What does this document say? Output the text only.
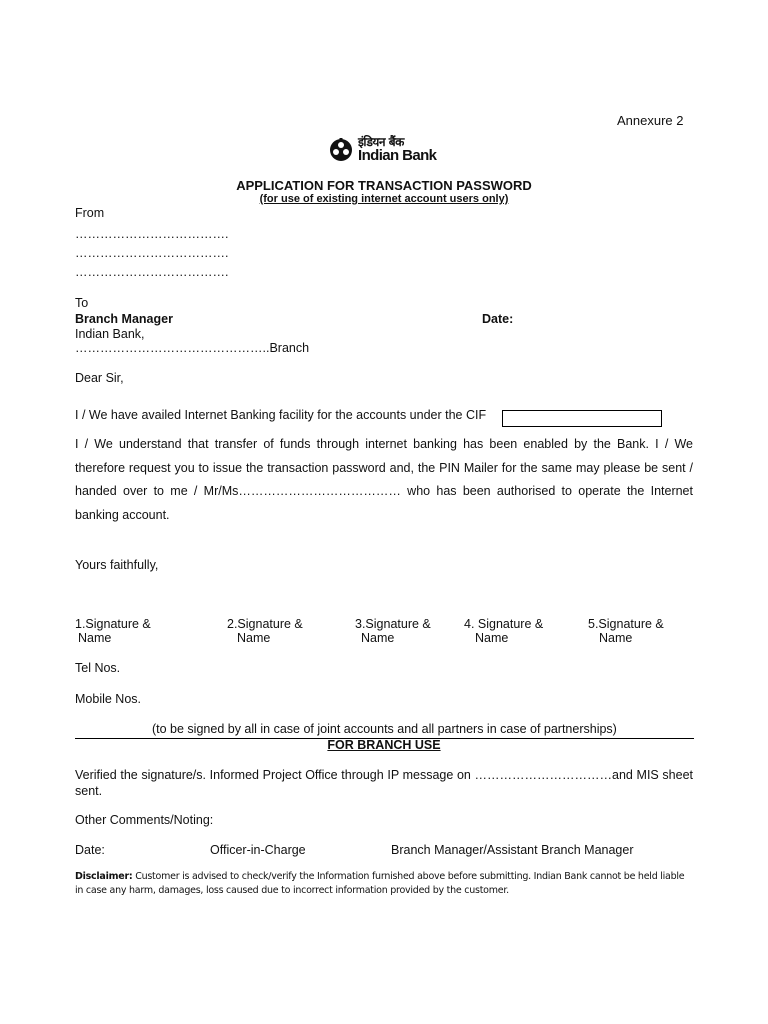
Annexure 2
इंडियन बैंक
Indian Bank
APPLICATION FOR TRANSACTION PASSWORD
(for use of existing internet account users only)
From
……………………………….
……………………………….
……………………………….
To
Branch Manager	Date:
Indian Bank,
………………………………………..Branch
Dear Sir,
I / We have availed Internet Banking facility for the accounts under the CIF
I / We understand that transfer of funds through internet banking has been enabled by the Bank. I / We therefore request you to issue the transaction password and, the PIN Mailer for the same may please be sent / handed over to me / Mr/Ms………………………………… who has been authorised to operate the Internet banking account.
Yours faithfully,
1.Signature &
Name
2.Signature &
Name
3.Signature &
Name
4. Signature &
Name
5.Signature &
Name
Tel Nos.
Mobile Nos.
(to be signed by all in case of joint accounts and all partners in case of partnerships)
FOR BRANCH USE
Verified the signature/s. Informed Project Office through IP message on ……………………………and MIS sheet sent.
Other Comments/Noting:
Date:	Officer-in-Charge	Branch Manager/Assistant Branch Manager
Disclaimer: Customer is advised to check/verify the Information furnished above before submitting. Indian Bank cannot be held liable in case any harm, damages, loss caused due to incorrect information provided by the customer.
